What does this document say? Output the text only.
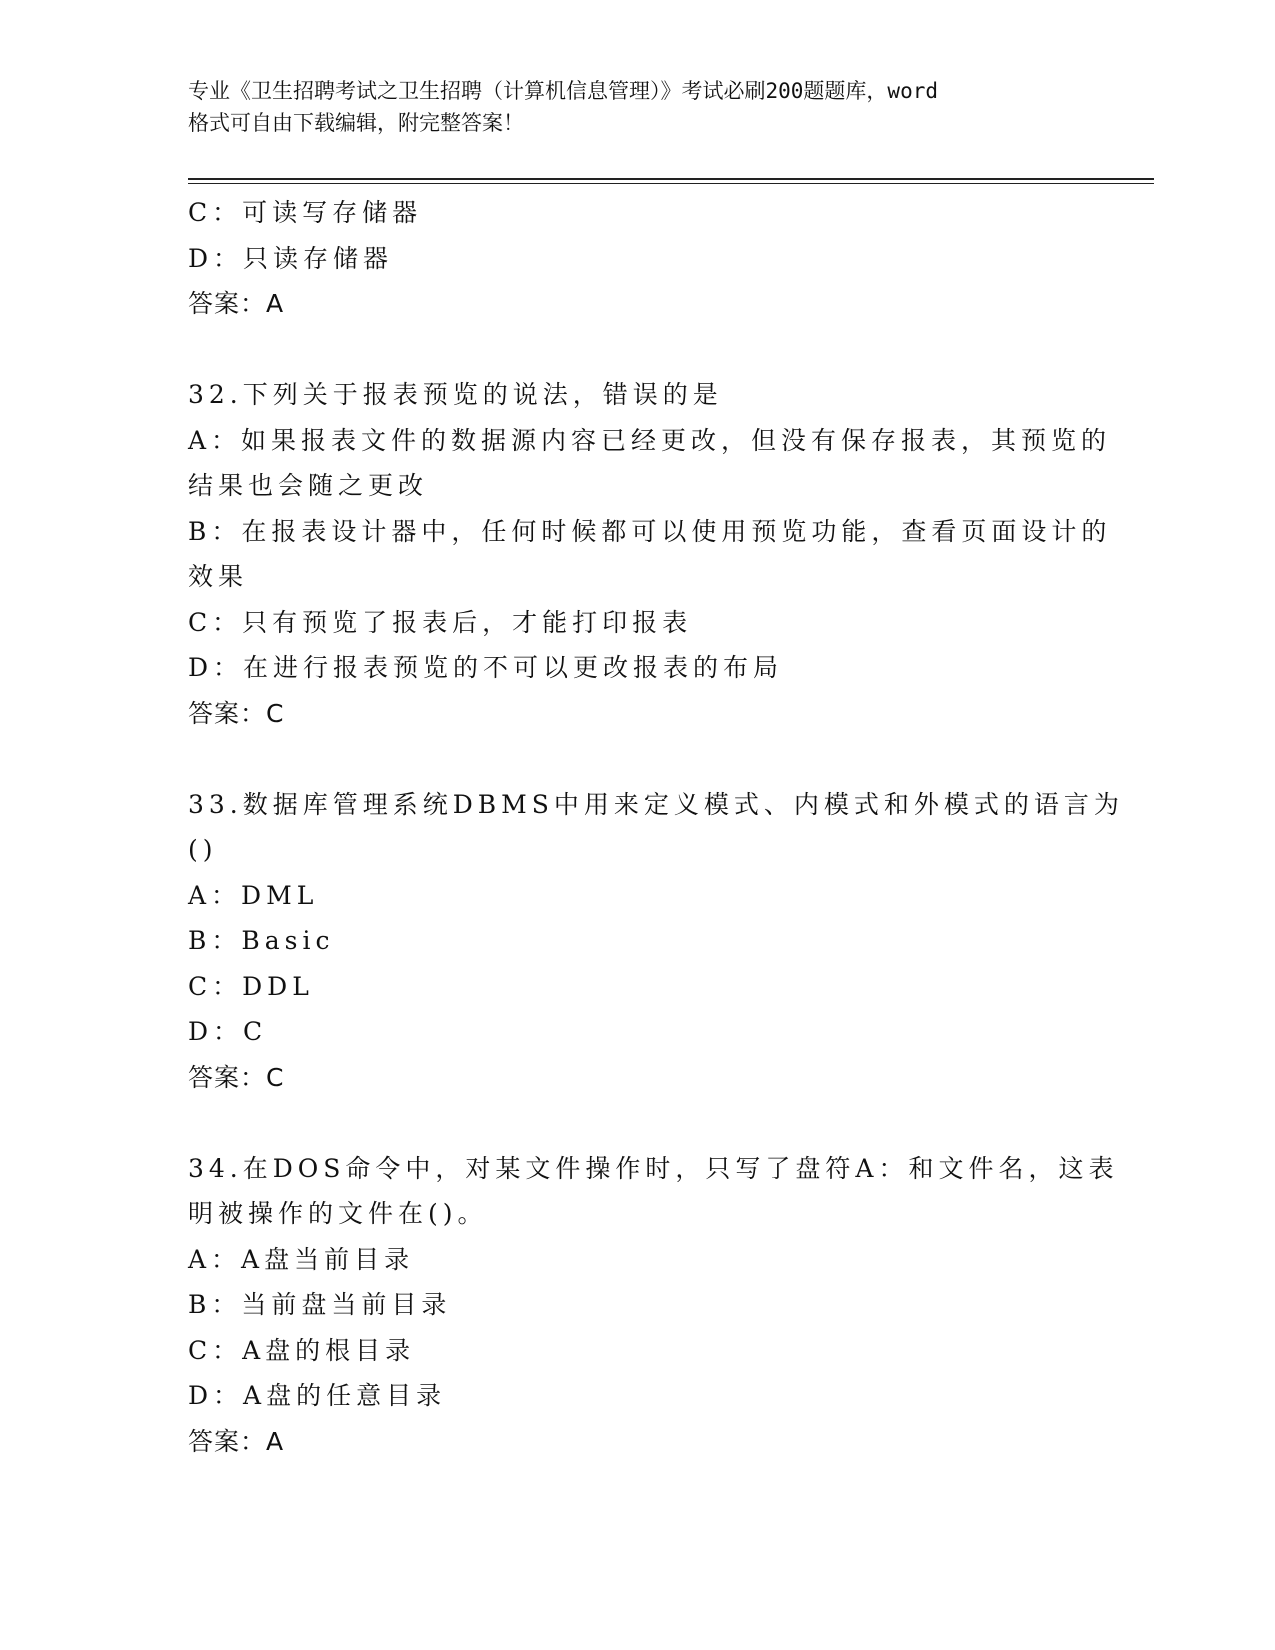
专业《卫生招聘考试之卫生招聘（计算机信息管理）》考试必刷200题题库，word
格式可自由下载编辑，附完整答案！
C：可读写存储器
D：只读存储器
答案：A
32.下列关于报表预览的说法，错误的是
A：如果报表文件的数据源内容已经更改，但没有保存报表，其预览的
结果也会随之更改
B：在报表设计器中，任何时候都可以使用预览功能，查看页面设计的
效果
C：只有预览了报表后，才能打印报表
D：在进行报表预览的不可以更改报表的布局
答案：C
33.数据库管理系统DBMS中用来定义模式、内模式和外模式的语言为
()
A：DML
B：Basic
C：DDL
D：C
答案：C
34.在DOS命令中，对某文件操作时，只写了盘符A：和文件名，这表
明被操作的文件在()。
A：A盘当前目录
B：当前盘当前目录
C：A盘的根目录
D：A盘的任意目录
答案：A
